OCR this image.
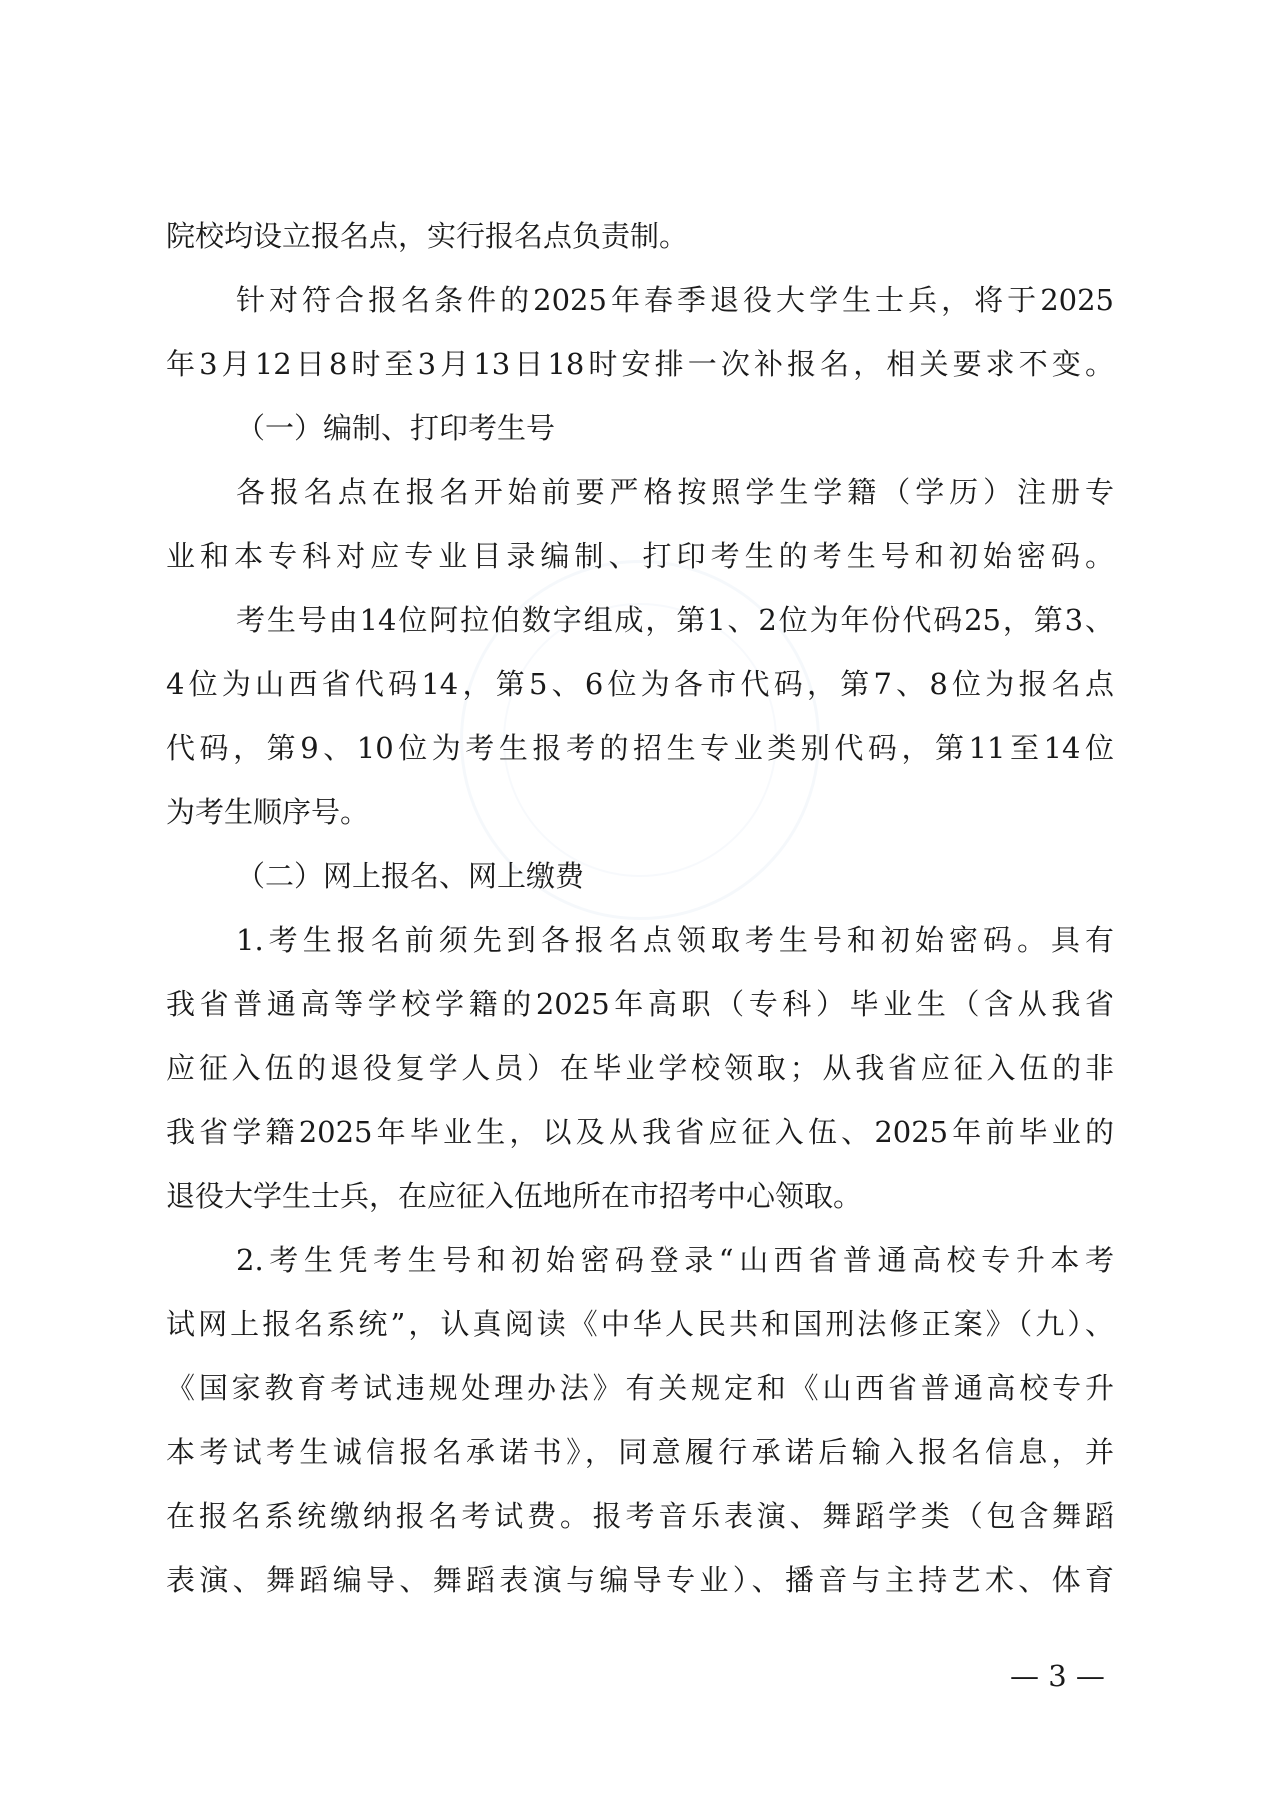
院校均设立报名点，实行报名点负责制。
针对符合报名条件的2025年春季退役大学生士兵，将于2025
年3月12日8时至3月13日18时安排一次补报名，相关要求不变。
（一）编制、打印考生号
各报名点在报名开始前要严格按照学生学籍（学历）注册专
业和本专科对应专业目录编制、打印考生的考生号和初始密码。
考生号由14位阿拉伯数字组成，第1、2位为年份代码25，第3、
4位为山西省代码14，第5、6位为各市代码，第7、8位为报名点
代码，第9、10位为考生报考的招生专业类别代码，第11至14位
为考生顺序号。
（二）网上报名、网上缴费
1.考生报名前须先到各报名点领取考生号和初始密码。具有
我省普通高等学校学籍的2025年高职（专科）毕业生（含从我省
应征入伍的退役复学人员）在毕业学校领取；从我省应征入伍的非
我省学籍2025年毕业生，以及从我省应征入伍、2025年前毕业的
退役大学生士兵，在应征入伍地所在市招考中心领取。
2.考生凭考生号和初始密码登录“山西省普通高校专升本考
试网上报名系统”，认真阅读《中华人民共和国刑法修正案》（九）、
《国家教育考试违规处理办法》有关规定和《山西省普通高校专升
本考试考生诚信报名承诺书》，同意履行承诺后输入报名信息，并
在报名系统缴纳报名考试费。报考音乐表演、舞蹈学类（包含舞蹈
表演、舞蹈编导、舞蹈表演与编导专业）、播音与主持艺术、体育
— 3 —
